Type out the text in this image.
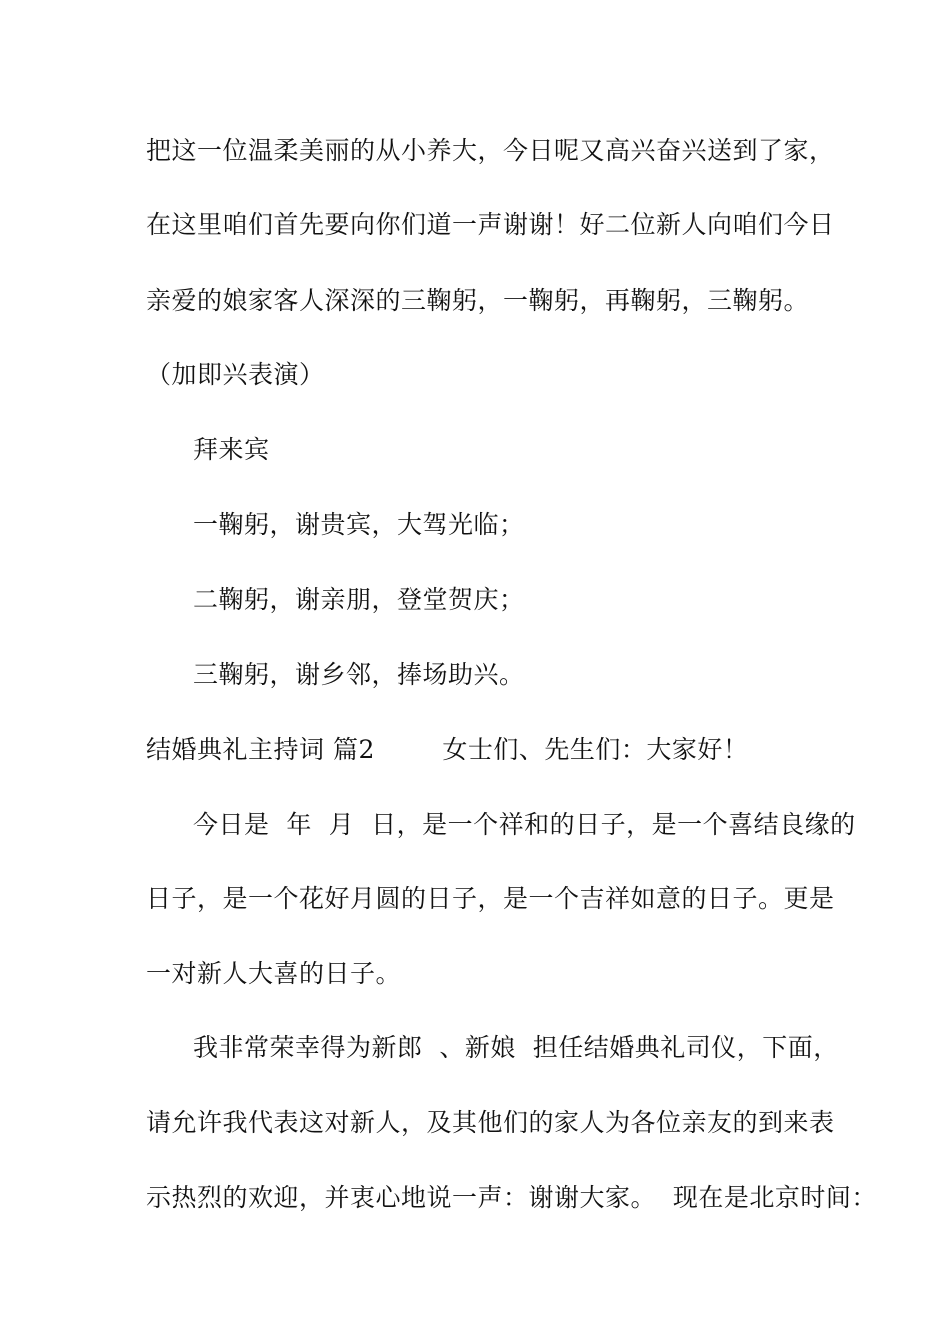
把这一位温柔美丽的从小养大，今日呢又高兴奋兴送到了家，
在这里咱们首先要向你们道一声谢谢！好二位新人向咱们今日
亲爱的娘家客人深深的三鞠躬，一鞠躬，再鞠躬，三鞠躬。
（加即兴表演）
拜来宾
一鞠躬，谢贵宾，大驾光临；
二鞠躬，谢亲朋，登堂贺庆；
三鞠躬，谢乡邻，捧场助兴。
结婚典礼主持词 篇2        女士们、先生们：大家好！
今日是  年  月  日，是一个祥和的日子，是一个喜结良缘的
日子，是一个花好月圆的日子，是一个吉祥如意的日子。更是
一对新人大喜的日子。
我非常荣幸得为新郎  、新娘  担任结婚典礼司仪，下面，
请允许我代表这对新人，及其他们的家人为各位亲友的到来表
示热烈的欢迎，并衷心地说一声：谢谢大家。  现在是北京时间：
